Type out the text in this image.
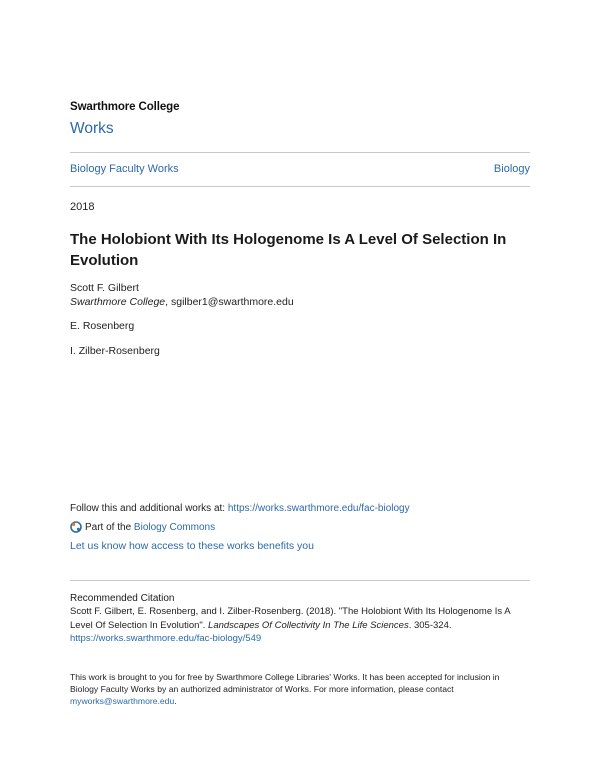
Swarthmore College
Works
Biology Faculty Works	Biology
2018
The Holobiont With Its Hologenome Is A Level Of Selection In Evolution
Scott F. Gilbert
Swarthmore College, sgilber1@swarthmore.edu
E. Rosenberg
I. Zilber-Rosenberg
Follow this and additional works at: https://works.swarthmore.edu/fac-biology
Part of the
Biology Commons
Let us know how access to these works benefits you
Recommended Citation
Scott F. Gilbert, E. Rosenberg, and I. Zilber-Rosenberg. (2018). "The Holobiont With Its Hologenome Is A Level Of Selection In Evolution". Landscapes Of Collectivity In The Life Sciences. 305-324.
https://works.swarthmore.edu/fac-biology/549
This work is brought to you for free by Swarthmore College Libraries' Works. It has been accepted for inclusion in Biology Faculty Works by an authorized administrator of Works. For more information, please contact
myworks@swarthmore.edu.
